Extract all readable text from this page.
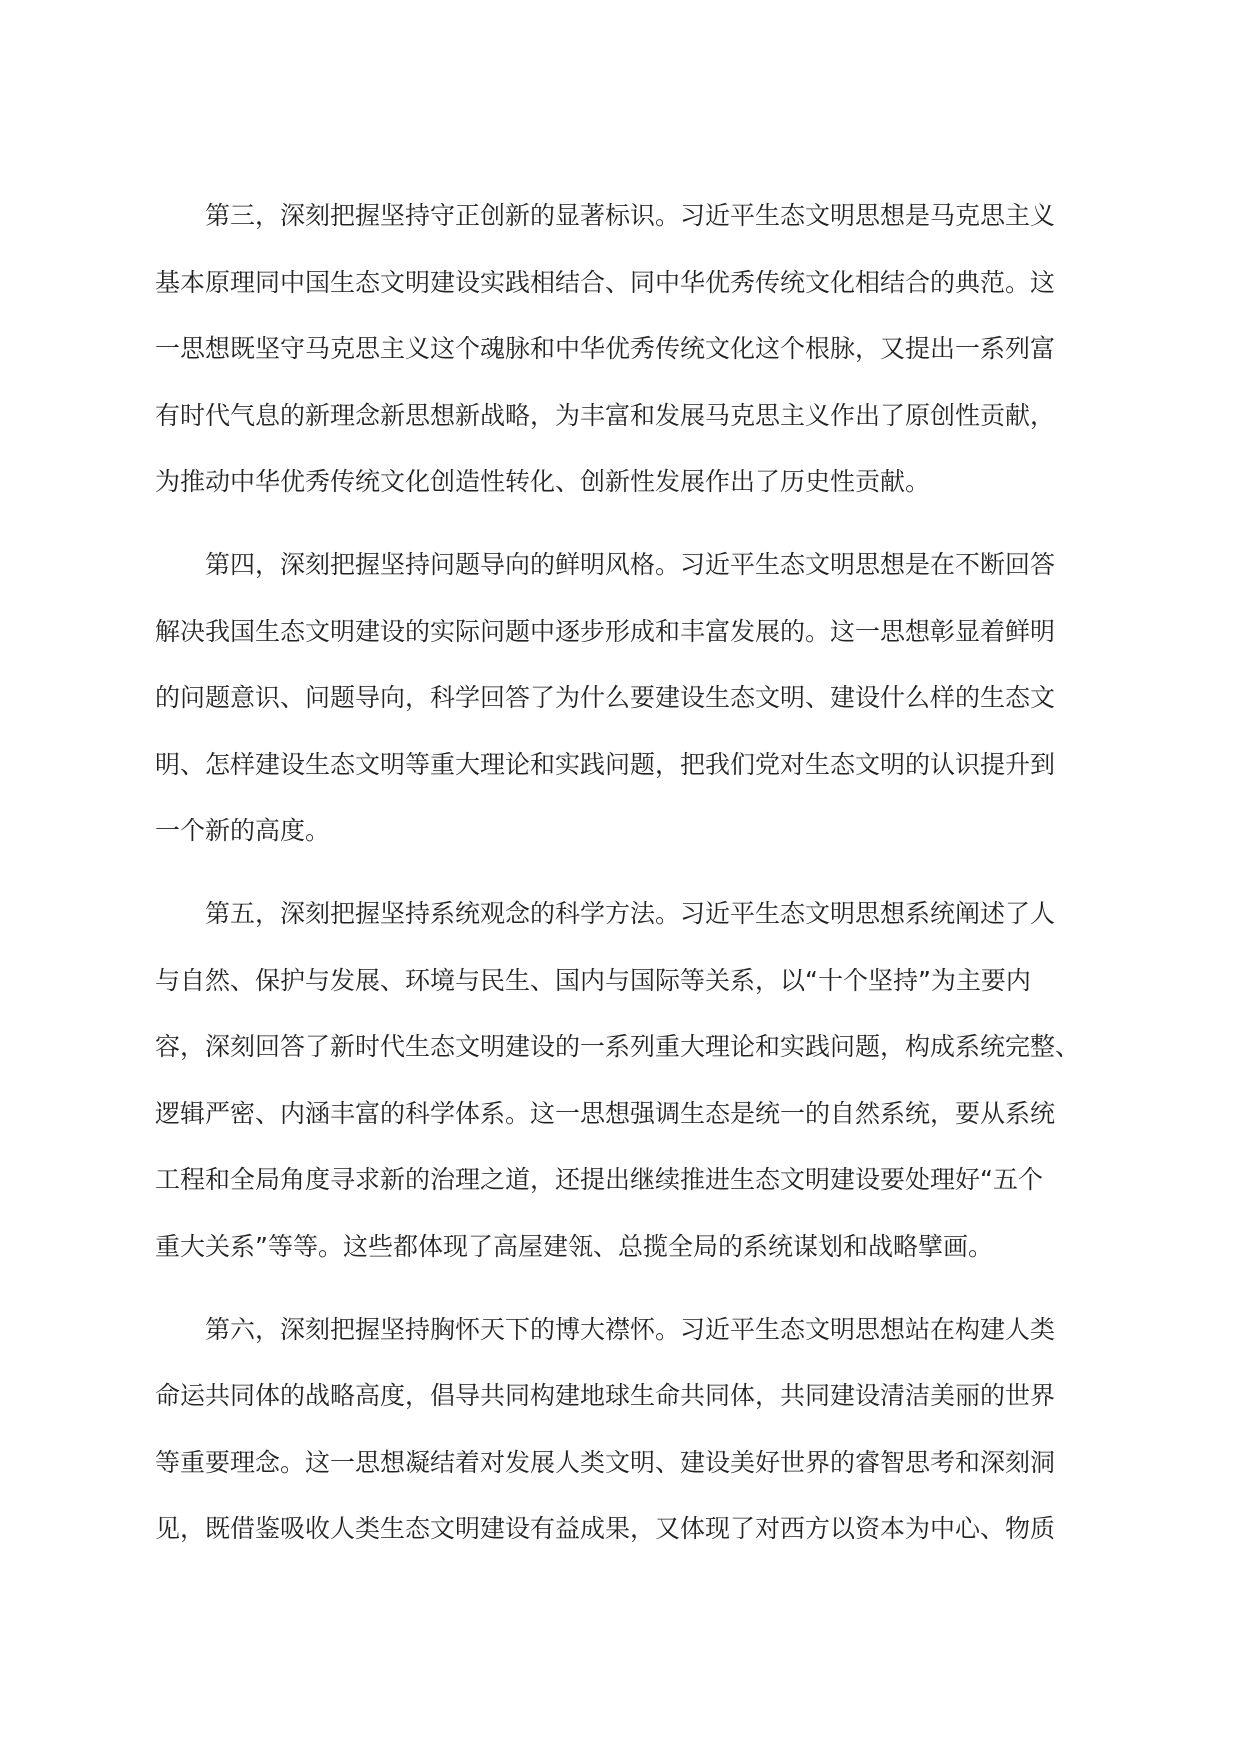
第三，深刻把握坚持守正创新的显著标识。习近平生态文明思想是马克思主义
基本原理同中国生态文明建设实践相结合、同中华优秀传统文化相结合的典范。这
一思想既坚守马克思主义这个魂脉和中华优秀传统文化这个根脉，又提出一系列富
有时代气息的新理念新思想新战略，为丰富和发展马克思主义作出了原创性贡献，
为推动中华优秀传统文化创造性转化、创新性发展作出了历史性贡献。
第四，深刻把握坚持问题导向的鲜明风格。习近平生态文明思想是在不断回答
解决我国生态文明建设的实际问题中逐步形成和丰富发展的。这一思想彰显着鲜明
的问题意识、问题导向，科学回答了为什么要建设生态文明、建设什么样的生态文
明、怎样建设生态文明等重大理论和实践问题，把我们党对生态文明的认识提升到
一个新的高度。
第五，深刻把握坚持系统观念的科学方法。习近平生态文明思想系统阐述了人
与自然、保护与发展、环境与民生、国内与国际等关系，以“十个坚持”为主要内
容，深刻回答了新时代生态文明建设的一系列重大理论和实践问题，构成系统完整、
逻辑严密、内涵丰富的科学体系。这一思想强调生态是统一的自然系统，要从系统
工程和全局角度寻求新的治理之道，还提出继续推进生态文明建设要处理好“五个
重大关系”等等。这些都体现了高屋建瓴、总揽全局的系统谋划和战略擘画。
第六，深刻把握坚持胸怀天下的博大襟怀。习近平生态文明思想站在构建人类
命运共同体的战略高度，倡导共同构建地球生命共同体，共同建设清洁美丽的世界
等重要理念。这一思想凝结着对发展人类文明、建设美好世界的睿智思考和深刻洞
见，既借鉴吸收人类生态文明建设有益成果，又体现了对西方以资本为中心、物质
